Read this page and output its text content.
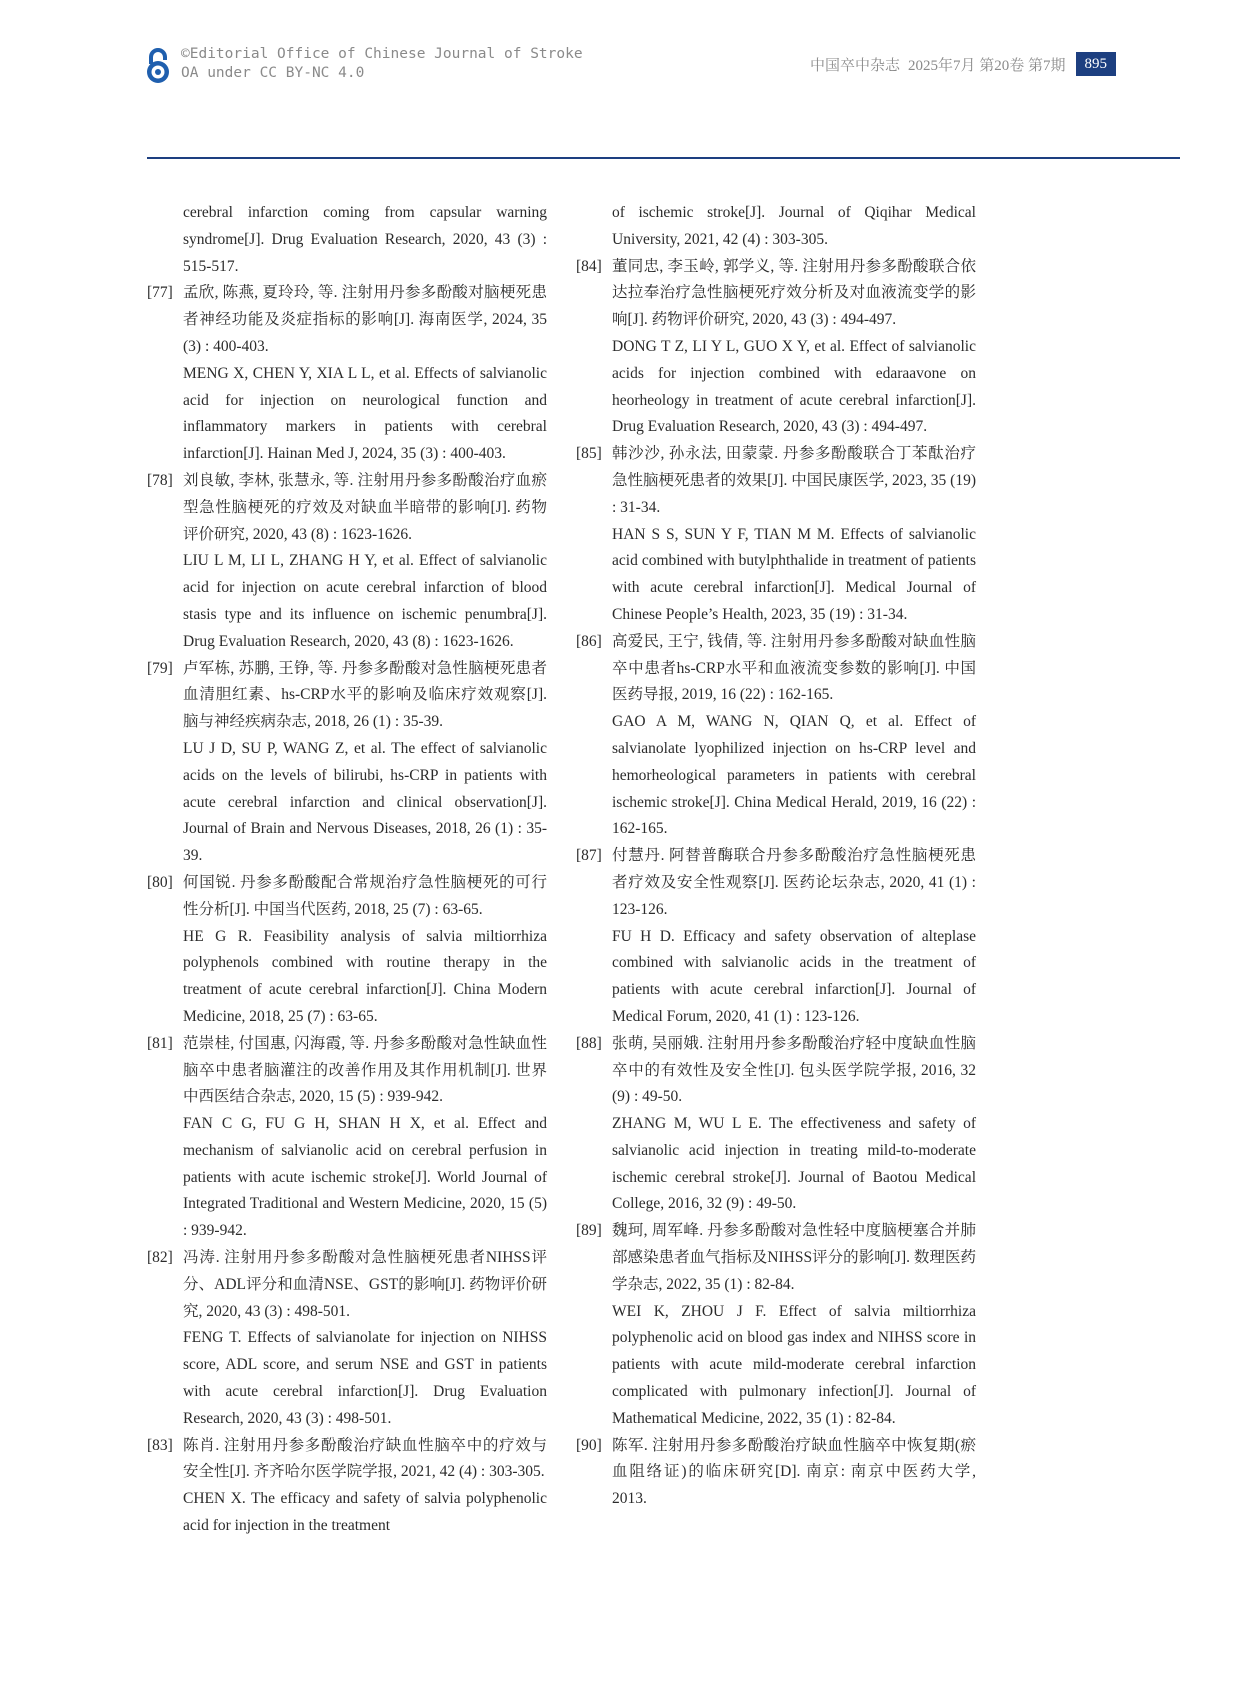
©Editorial Office of Chinese Journal of Stroke
OA under CC BY-NC 4.0	中国卒中杂志 2025年7月 第20卷 第7期	895
cerebral infarction coming from capsular warning syndrome[J]. Drug Evaluation Research, 2020, 43 (3) : 515-517.
[77] 孟欣, 陈燕, 夏玲玲, 等. 注射用丹参多酚酸对脑梗死患者神经功能及炎症指标的影响[J]. 海南医学, 2024, 35 (3) : 400-403.
MENG X, CHEN Y, XIA L L, et al. Effects of salvianolic acid for injection on neurological function and inflammatory markers in patients with cerebral infarction[J]. Hainan Med J, 2024, 35 (3) : 400-403.
[78] 刘良敏, 李林, 张慧永, 等. 注射用丹参多酚酸治疗血瘀型急性脑梗死的疗效及对缺血半暗带的影响[J]. 药物评价研究, 2020, 43 (8) : 1623-1626.
LIU L M, LI L, ZHANG H Y, et al. Effect of salvianolic acid for injection on acute cerebral infarction of blood stasis type and its influence on ischemic penumbra[J]. Drug Evaluation Research, 2020, 43 (8) : 1623-1626.
[79] 卢军栋, 苏鹏, 王铮, 等. 丹参多酚酸对急性脑梗死患者血清胆红素、hs-CRP水平的影响及临床疗效观察[J]. 脑与神经疾病杂志, 2018, 26 (1) : 35-39.
LU J D, SU P, WANG Z, et al. The effect of salvianolic acids on the levels of bilirubi, hs-CRP in patients with acute cerebral infarction and clinical observation[J]. Journal of Brain and Nervous Diseases, 2018, 26 (1) : 35-39.
[80] 何国锐. 丹参多酚酸配合常规治疗急性脑梗死的可行性分析[J]. 中国当代医药, 2018, 25 (7) : 63-65.
HE G R. Feasibility analysis of salvia miltiorrhiza polyphenols combined with routine therapy in the treatment of acute cerebral infarction[J]. China Modern Medicine, 2018, 25 (7) : 63-65.
[81] 范崇桂, 付国惠, 闪海霞, 等. 丹参多酚酸对急性缺血性脑卒中患者脑灌注的改善作用及其作用机制[J]. 世界中西医结合杂志, 2020, 15 (5) : 939-942.
FAN C G, FU G H, SHAN H X, et al. Effect and mechanism of salvianolic acid on cerebral perfusion in patients with acute ischemic stroke[J]. World Journal of Integrated Traditional and Western Medicine, 2020, 15 (5) : 939-942.
[82] 冯涛. 注射用丹参多酚酸对急性脑梗死患者NIHSS评分、ADL评分和血清NSE、GST的影响[J]. 药物评价研究, 2020, 43 (3) : 498-501.
FENG T. Effects of salvianolate for injection on NIHSS score, ADL score, and serum NSE and GST in patients with acute cerebral infarction[J]. Drug Evaluation Research, 2020, 43 (3) : 498-501.
[83] 陈肖. 注射用丹参多酚酸治疗缺血性脑卒中的疗效与安全性[J]. 齐齐哈尔医学院学报, 2021, 42 (4) : 303-305.
CHEN X. The efficacy and safety of salvia polyphenolic acid for injection in the treatment
of ischemic stroke[J]. Journal of Qiqihar Medical University, 2021, 42 (4) : 303-305.
[84] 董同忠, 李玉岭, 郭学义, 等. 注射用丹参多酚酸联合依达拉奉治疗急性脑梗死疗效分析及对血液流变学的影响[J]. 药物评价研究, 2020, 43 (3) : 494-497.
DONG T Z, LI Y L, GUO X Y, et al. Effect of salvianolic acids for injection combined with edaraavone on heorheology in treatment of acute cerebral infarction[J]. Drug Evaluation Research, 2020, 43 (3) : 494-497.
[85] 韩沙沙, 孙永法, 田蒙蒙. 丹参多酚酸联合丁苯酞治疗急性脑梗死患者的效果[J]. 中国民康医学, 2023, 35 (19) : 31-34.
HAN S S, SUN Y F, TIAN M M. Effects of salvianolic acid combined with butylphthalide in treatment of patients with acute cerebral infarction[J]. Medical Journal of Chinese People’s Health, 2023, 35 (19) : 31-34.
[86] 高爱民, 王宁, 钱倩, 等. 注射用丹参多酚酸对缺血性脑卒中患者hs-CRP水平和血液流变参数的影响[J]. 中国医药导报, 2019, 16 (22) : 162-165.
GAO A M, WANG N, QIAN Q, et al. Effect of salvianolate lyophilized injection on hs-CRP level and hemorheological parameters in patients with cerebral ischemic stroke[J]. China Medical Herald, 2019, 16 (22) : 162-165.
[87] 付慧丹. 阿替普酶联合丹参多酚酸治疗急性脑梗死患者疗效及安全性观察[J]. 医药论坛杂志, 2020, 41 (1) : 123-126.
FU H D. Efficacy and safety observation of alteplase combined with salvianolic acids in the treatment of patients with acute cerebral infarction[J]. Journal of Medical Forum, 2020, 41 (1) : 123-126.
[88] 张萌, 吴丽娥. 注射用丹参多酚酸治疗轻中度缺血性脑卒中的有效性及安全性[J]. 包头医学院学报, 2016, 32 (9) : 49-50.
ZHANG M, WU L E. The effectiveness and safety of salvianolic acid injection in treating mild-to-moderate ischemic cerebral stroke[J]. Journal of Baotou Medical College, 2016, 32 (9) : 49-50.
[89] 魏珂, 周军峰. 丹参多酚酸对急性轻中度脑梗塞合并肺部感染患者血气指标及NIHSS评分的影响[J]. 数理医药学杂志, 2022, 35 (1) : 82-84.
WEI K, ZHOU J F. Effect of salvia miltiorrhiza polyphenolic acid on blood gas index and NIHSS score in patients with acute mild-moderate cerebral infarction complicated with pulmonary infection[J]. Journal of Mathematical Medicine, 2022, 35 (1) : 82-84.
[90] 陈军. 注射用丹参多酚酸治疗缺血性脑卒中恢复期(瘀血阻络证)的临床研究[D]. 南京: 南京中医药大学, 2013.
